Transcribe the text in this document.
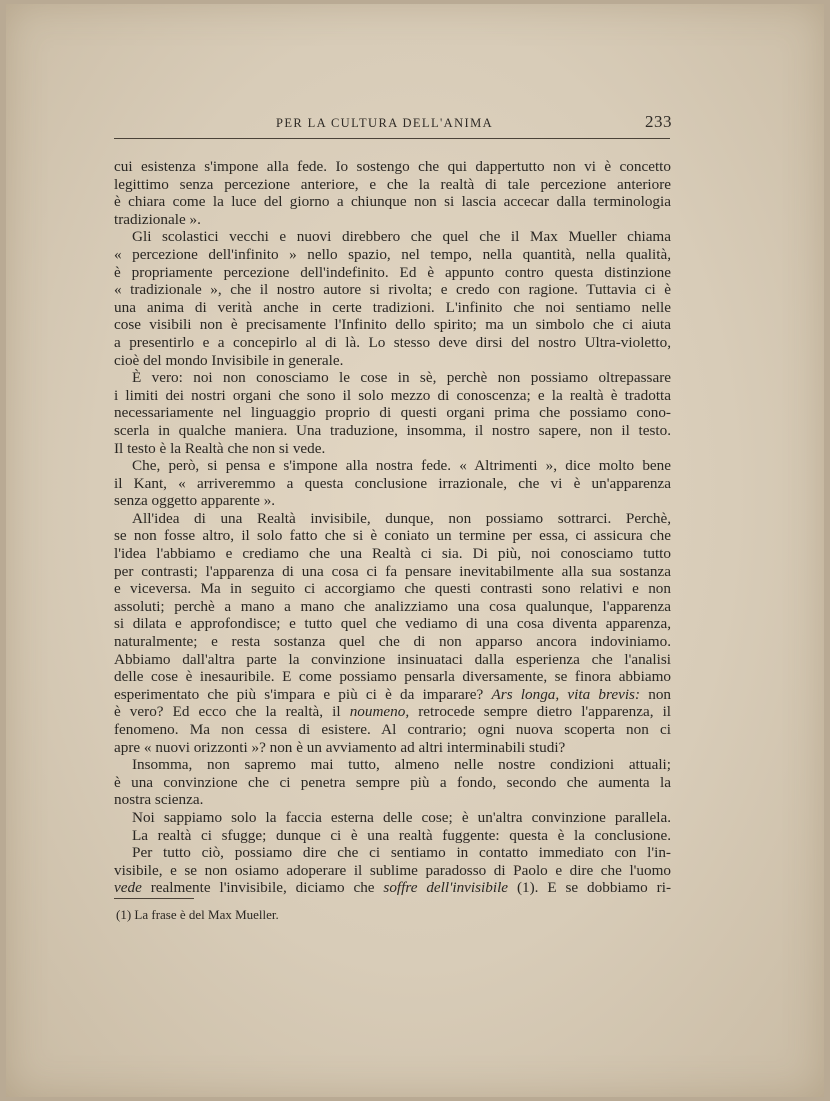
PER LA CULTURA DELL'ANIMA	233
cui esistenza s'impone alla fede. Io sostengo che qui dappertutto non vi è concetto
legittimo senza percezione anteriore, e che la realtà di tale percezione anteriore
è chiara come la luce del giorno a chiunque non si lascia accecar dalla terminologia
tradizionale ».
Gli scolastici vecchi e nuovi direbbero che quel che il Max Mueller chiama
« percezione dell'infinito » nello spazio, nel tempo, nella quantità, nella qualità,
è propriamente percezione dell'indefinito. Ed è appunto contro questa distinzione
« tradizionale », che il nostro autore si rivolta; e credo con ragione. Tuttavia ci è
una anima di verità anche in certe tradizioni. L'infinito che noi sentiamo nelle
cose visibili non è precisamente l'Infinito dello spirito; ma un simbolo che ci aiuta
a presentirlo e a concepirlo al di là. Lo stesso deve dirsi del nostro Ultra-violetto,
cioè del mondo Invisibile in generale.
È vero: noi non conosciamo le cose in sè, perchè non possiamo oltrepassare
i limiti dei nostri organi che sono il solo mezzo di conoscenza; e la realtà è tradotta
necessariamente nel linguaggio proprio di questi organi prima che possiamo cono-
scerla in qualche maniera. Una traduzione, insomma, il nostro sapere, non il testo.
Il testo è la Realtà che non si vede.
Che, però, si pensa e s'impone alla nostra fede. « Altrimenti », dice molto bene
il Kant, « arriveremmo a questa conclusione irrazionale, che vi è un'apparenza
senza oggetto apparente ».
All'idea di una Realtà invisibile, dunque, non possiamo sottrarci. Perchè,
se non fosse altro, il solo fatto che si è coniato un termine per essa, ci assicura che
l'idea l'abbiamo e crediamo che una Realtà ci sia. Di più, noi conosciamo tutto
per contrasti; l'apparenza di una cosa ci fa pensare inevitabilmente alla sua sostanza
e viceversa. Ma in seguito ci accorgiamo che questi contrasti sono relativi e non
assoluti; perchè a mano a mano che analizziamo una cosa qualunque, l'apparenza
si dilata e approfondisce; e tutto quel che vediamo di una cosa diventa apparenza,
naturalmente; e resta sostanza quel che di non apparso ancora indoviniamo.
Abbiamo dall'altra parte la convinzione insinuataci dalla esperienza che l'analisi
delle cose è inesauribile. E come possiamo pensarla diversamente, se finora abbiamo
esperimentato che più s'impara e più ci è da imparare? Ars longa, vita brevis: non
è vero? Ed ecco che la realtà, il noumeno, retrocede sempre dietro l'apparenza, il
fenomeno. Ma non cessa di esistere. Al contrario; ogni nuova scoperta non ci
apre « nuovi orizzonti »? non è un avviamento ad altri interminabili studi?
Insomma, non sapremo mai tutto, almeno nelle nostre condizioni attuali;
è una convinzione che ci penetra sempre più a fondo, secondo che aumenta la
nostra scienza.
Noi sappiamo solo la faccia esterna delle cose; è un'altra convinzione parallela.
La realtà ci sfugge; dunque ci è una realtà fuggente: questa è la conclusione.
Per tutto ciò, possiamo dire che ci sentiamo in contatto immediato con l'in-
visibile, e se non osiamo adoperare il sublime paradosso di Paolo e dire che l'uomo
vede realmente l'invisibile, diciamo che soffre dell'invisibile (1). E se dobbiamo ri-
(1) La frase è del Max Mueller.
